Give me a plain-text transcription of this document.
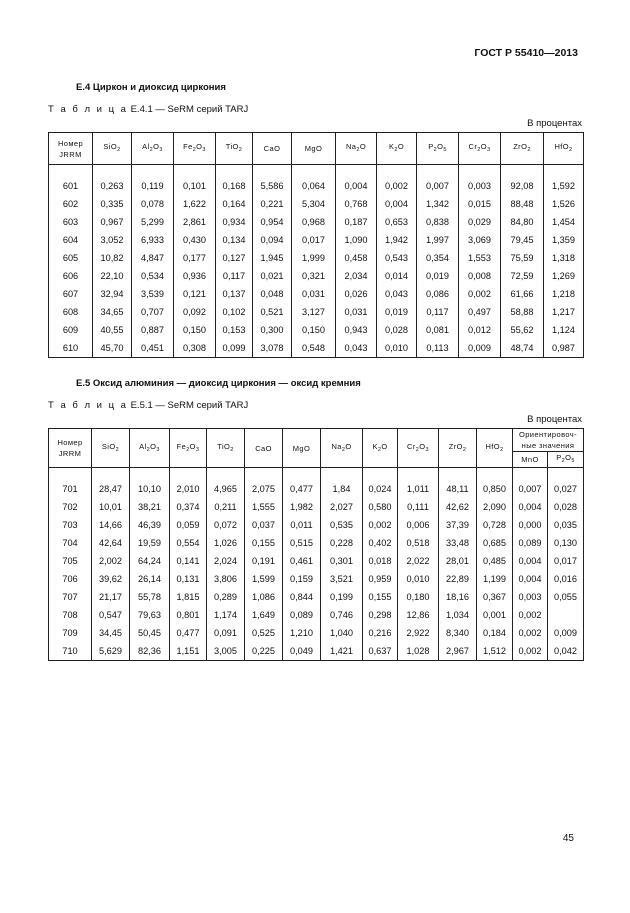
ГОСТ Р 55410—2013
Е.4 Циркон и диоксид циркония
Т а б л и ц а Е.4.1 — SeRM серий TARJ
В процентах
Номер
JRRM	SiO$_2$	$Al_2O_3$	$Fe_2O_3$	TiO$_2$	CaO	MgO	$Na_2O$	$K_2O$	$P_2O_5$	$Cr_2O_3$	ZrO$_2$	HfO$_2$

601	0,263	0,119	0,101	0,168	5,586	0,064	0,004	0,002	0,007	0,003	92,08	1,592
602	0,335	0,078	1,622	0,164	0,221	5,304	0,768	0,004	1,342	0,015	88,48	1,526
603	0,967	5,299	2,861	0,934	0,954	0,968	0,187	0,653	0,838	0,029	84,80	1,454
604	3,052	6,933	0,430	0,134	0,094	0,017	1,090	1,942	1,997	3,069	79,45	1,359
605	10,82	4,847	0,177	0,127	1,945	1,999	0,458	0,543	0,354	1,553	75,59	1,318
606	22,10	0,534	0,936	0,117	0,021	0,321	2,034	0,014	0,019	0,008	72,59	1,269
607	32,94	3,539	0,121	0,137	0,048	0,031	0,026	0,043	0,086	0,002	61,66	1,218
608	34,65	0,707	0,092	0,102	0,521	3,127	0,031	0,019	0,117	0,497	58,88	1,217
609	40,55	0,887	0,150	0,153	0,300	0,150	0,943	0,028	0,081	0,012	55,62	1,124
610	45,70	0,451	0,308	0,099	3,078	0,548	0,043	0,010	0,113	0,009	48,74	0,987
Е.5 Оксид алюминия — диоксид циркония — оксид кремния
Т а б л и ц а Е.5.1 — SeRM серий TARJ
В процентах
Номер
JRRM	SiO$_2$	$Al_2O_3$	$Fe_2O_3$	TiO$_2$	CaO	MgO	$Na_2O$	$K_2O$	$Cr_2O_3$	ZrO$_2$	HfO$_2$	Ориентировоч-
ные значения	
												MnO	$P_2O_5$

701	28,47	10,10	2,010	4,965	2,075	0,477	1,84	0,024	1,011	48,11	0,850	0,007	0,027
702	10,01	38,21	0,374	0,211	1,555	1,982	2,027	0,580	0,111	42,62	2,090	0,004	0,028
703	14,66	46,39	0,059	0,072	0,037	0,011	0,535	0,002	0,006	37,39	0,728	0,000	0,035
704	42,64	19,59	0,554	1,026	0,155	0,515	0,228	0,402	0,518	33,48	0,685	0,089	0,130
705	2,002	64,24	0,141	2,024	0,191	0,461	0,301	0,018	2,022	28,01	0,485	0,004	0,017
706	39,62	26,14	0,131	3,806	1,599	0,159	3,521	0,959	0,010	22,89	1,199	0,004	0,016
707	21,17	55,78	1,815	0,289	1,086	0,844	0,199	0,155	0,180	18,16	0,367	0,003	0,055
708	0,547	79,63	0,801	1,174	1,649	0,089	0,746	0,298	12,86	1,034	0,001	0,002	
709	34,45	50,45	0,477	0,091	0,525	1,210	1,040	0,216	2,922	8,340	0,184	0,002	0,009
710	5,629	82,36	1,151	3,005	0,225	0,049	1,421	0,637	1,028	2,967	1,512	0,002	0,042
45
